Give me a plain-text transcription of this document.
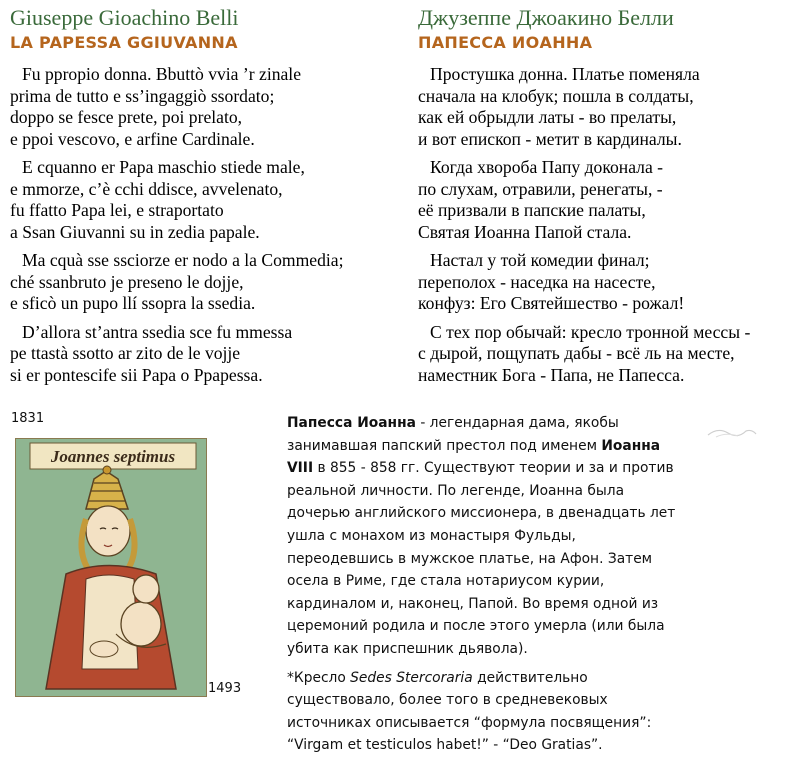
Giuseppe Gioachino Belli
LA PAPESSA GGIUVANNA
Fu ppropio donna. Bbuttò vvia ’r zinale
prima de tutto e ss’ingaggiò ssordato;
doppo se fesce prete, poi prelato,
e ppoi vescovo, e arfine Cardinale.
E cquanno er Papa maschio stiede male,
e mmorze, c’è cchi ddisce, avvelenato,
fu ffatto Papa lei, e straportato
a Ssan Giuvanni su in zedia papale.
Ma cquà sse ssciorze er nodo a la Commedia;
ché ssanbruto je preseno le dojje,
e sficò un pupo llí ssopra la ssedia.
D’allora st’antra ssedia sce fu mmessa
pe ttastà ssotto ar zito de le vojje
si er pontescife sii Papa o Ppapessa.
Джузеппе Джоакино Белли
ПАПЕССА ИОАННА
Простушка донна. Платье поменяла
сначала на клобук; пошла в солдаты,
как ей обрыдли латы - во прелаты,
и вот епископ - метит в кардиналы.
Когда хвороба Папу доконала -
по слухам, отравили, ренегаты, -
её призвали в папские палаты,
Святая Иоанна Папой стала.
Настал у той комедии финал;
переполох - наседка на насесте,
конфуз: Его Святейшество - рожал!
С тех пор обычай: кресло тронной мессы -
с дырой, пощупать дабы - всё ль на месте,
наместник Бога - Папа, не Папесса.
1831
1493
Joannes septimus

Папесса Иоанна - легендарная дама, якобы занимавшая папский престол под именем Иоанна VIII в 855 - 858 гг. Существуют теории и за и против реальной личности. По легенде, Иоанна была дочерью английского миссионера, в двенадцать лет ушла с монахом из монастыря Фульды, переодевшись в мужское платье, на Афон. Затем осела в Риме, где стала нотариусом курии, кардиналом и, наконец, Папой. Во время одной из церемоний родила и после этого умерла (или была убита как приспешник дьявола).

*Кресло Sedes Stercoraria действительно существовало, более того в средневековых источниках описывается “формула посвящения”: “Virgam et testiculos habet!” - “Deo Gratias”.
